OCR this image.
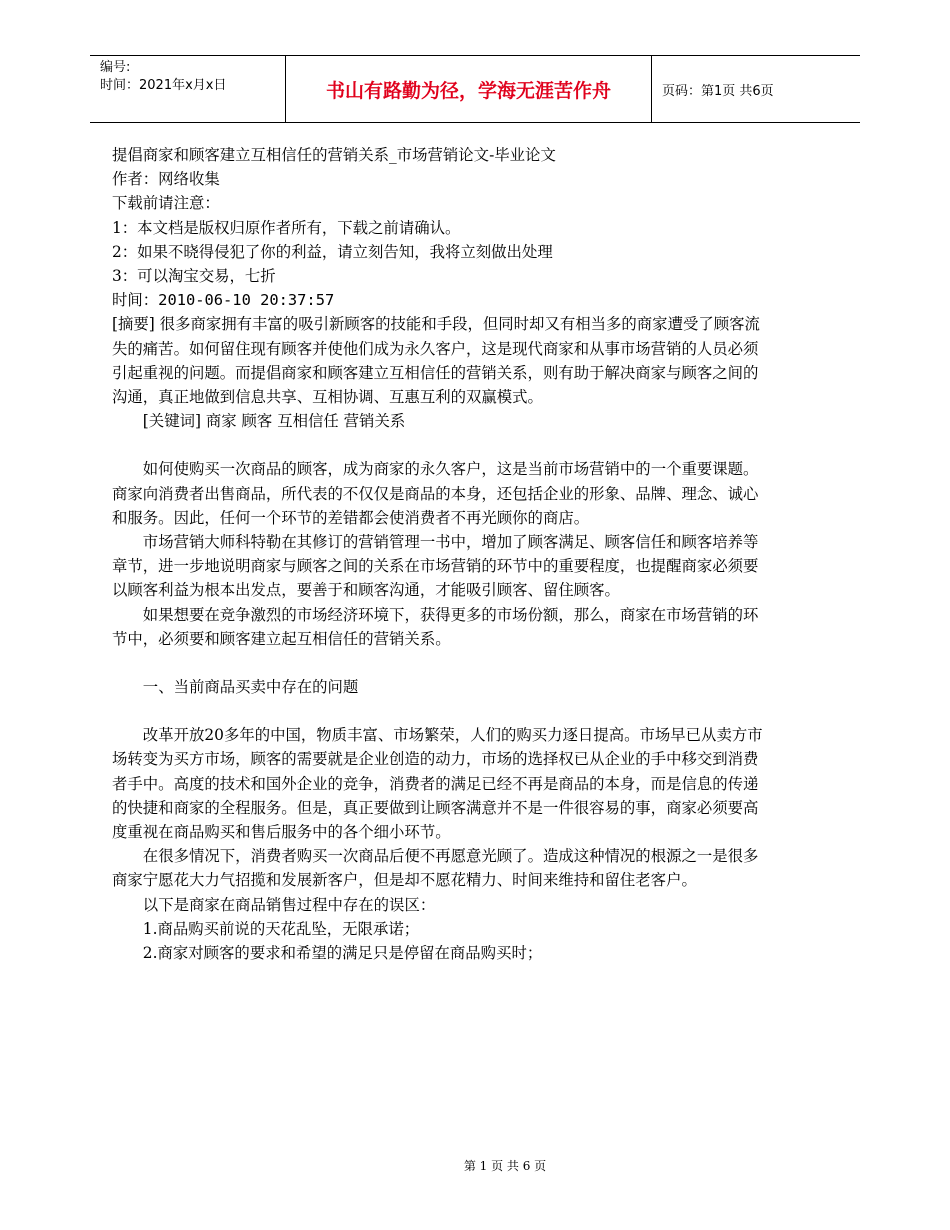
编号:
时间：2021年x月x日	书山有路勤为径，学海无涯苦作舟	页码：第1页 共6页

提倡商家和顾客建立互相信任的营销关系_市场营销论文-毕业论文

作者：网络收集

下载前请注意：

1：本文档是版权归原作者所有，下载之前请确认。

2：如果不晓得侵犯了你的利益，请立刻告知，我将立刻做出处理

3：可以淘宝交易，七折

时间：2010-06-10 20:37:57

[摘要] 很多商家拥有丰富的吸引新顾客的技能和手段，但同时却又有相当多的商家遭受了顾客流失的痛苦。如何留住现有顾客并使他们成为永久客户，这是现代商家和从事市场营销的人员必须引起重视的问题。而提倡商家和顾客建立互相信任的营销关系，则有助于解决商家与顾客之间的沟通，真正地做到信息共享、互相协调、互惠互利的双赢模式。

[关键词] 商家 顾客 互相信任 营销关系

如何使购买一次商品的顾客，成为商家的永久客户，这是当前市场营销中的一个重要课题。商家向消费者出售商品，所代表的不仅仅是商品的本身，还包括企业的形象、品牌、理念、诚心和服务。因此，任何一个环节的差错都会使消费者不再光顾你的商店。

市场营销大师科特勒在其修订的营销管理一书中，增加了顾客满足、顾客信任和顾客培养等章节，进一步地说明商家与顾客之间的关系在市场营销的环节中的重要程度，也提醒商家必须要以顾客利益为根本出发点，要善于和顾客沟通，才能吸引顾客、留住顾客。

如果想要在竞争激烈的市场经济环境下，获得更多的市场份额，那么，商家在市场营销的环节中，必须要和顾客建立起互相信任的营销关系。

一、当前商品买卖中存在的问题

改革开放20多年的中国，物质丰富、市场繁荣，人们的购买力逐日提高。市场早已从卖方市场转变为买方市场，顾客的需要就是企业创造的动力，市场的选择权已从企业的手中移交到消费者手中。高度的技术和国外企业的竞争，消费者的满足已经不再是商品的本身，而是信息的传递的快捷和商家的全程服务。但是，真正要做到让顾客满意并不是一件很容易的事，商家必须要高度重视在商品购买和售后服务中的各个细小环节。

在很多情况下，消费者购买一次商品后便不再愿意光顾了。造成这种情况的根源之一是很多商家宁愿花大力气招揽和发展新客户，但是却不愿花精力、时间来维持和留住老客户。

以下是商家在商品销售过程中存在的误区：

1.商品购买前说的天花乱坠，无限承诺；

2.商家对顾客的要求和希望的满足只是停留在商品购买时；

第 1 页 共 6 页
